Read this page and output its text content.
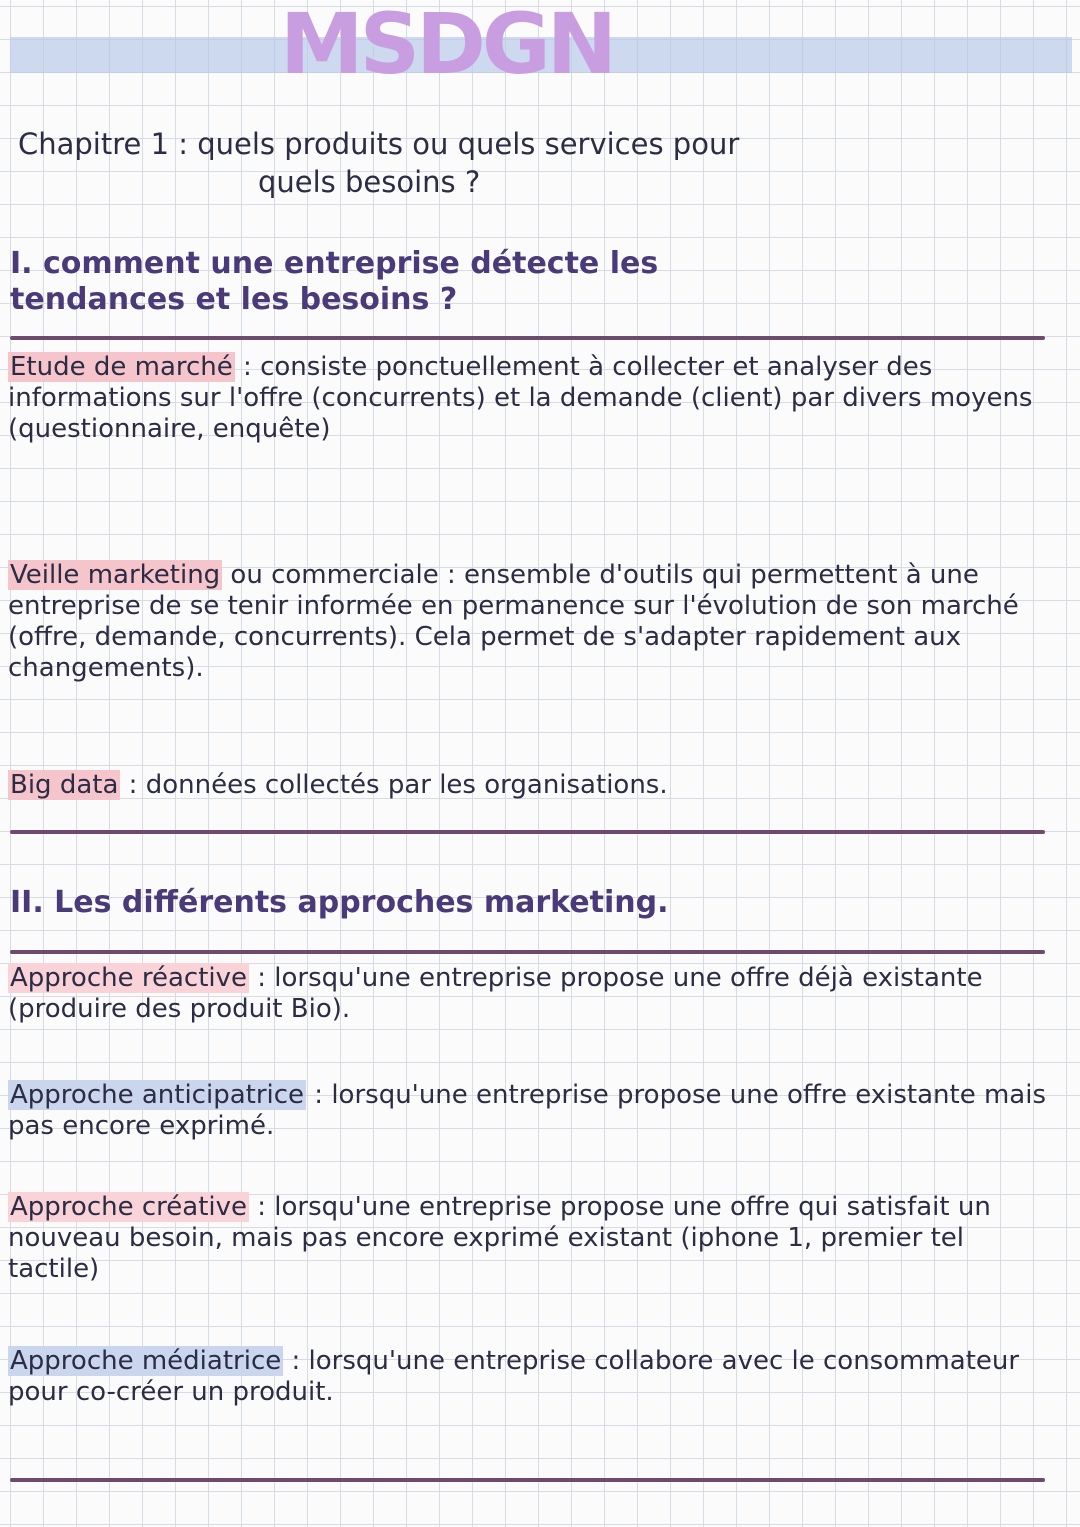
MSDGN
Chapitre 1 : quels produits ou quels services pour
quels besoins ?
I. comment une entreprise détecte les
tendances et les besoins ?
Etude de marché : consiste ponctuellement à collecter et analyser des informations sur l'offre (concurrents) et la demande (client) par divers moyens (questionnaire, enquête)
Veille marketing ou commerciale : ensemble d'outils qui permettent à une entreprise de se tenir informée en permanence sur l'évolution de son marché (offre, demande, concurrents). Cela permet de s'adapter rapidement aux changements).
Big data : données collectés par les organisations.
II. Les différents approches marketing.
Approche réactive : lorsqu'une entreprise propose une offre déjà existante (produire des produit Bio).
Approche anticipatrice : lorsqu'une entreprise propose une offre existante mais pas encore exprimé.
Approche créative : lorsqu'une entreprise propose une offre qui satisfait un nouveau besoin, mais pas encore exprimé existant (iphone 1, premier tel tactile)
Approche médiatrice : lorsqu'une entreprise collabore avec le consommateur pour co-créer un produit.
